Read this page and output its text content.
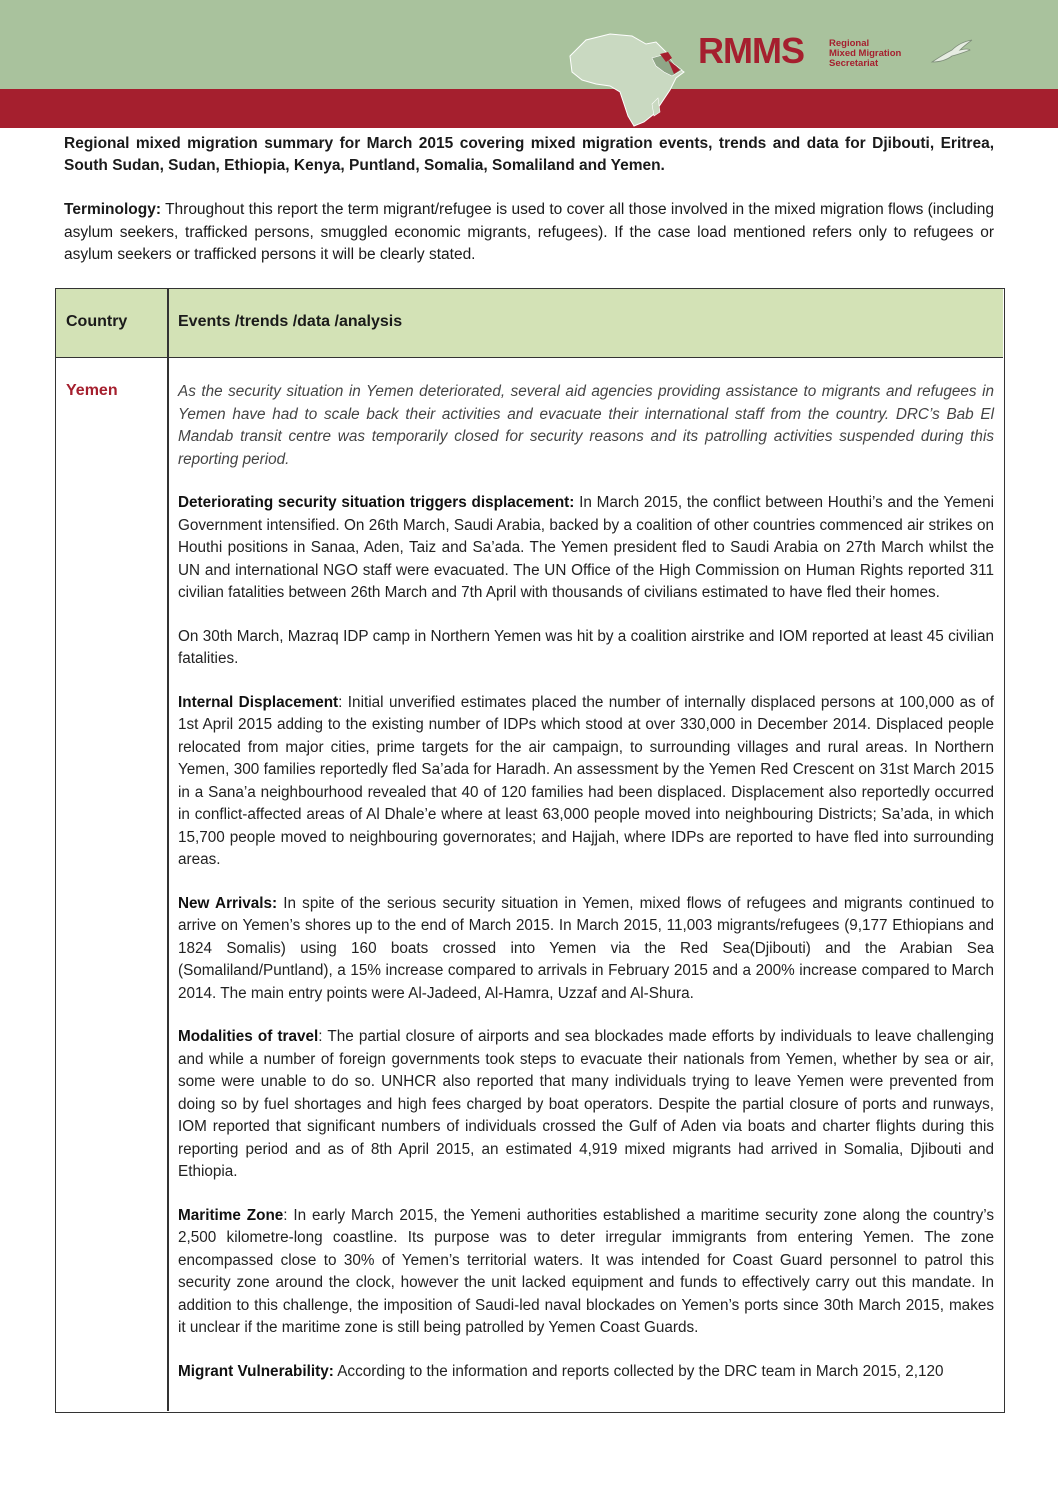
RMMS	Regional
Mixed Migration
Secretariat
Regional mixed migration summary for March 2015 covering mixed migration events, trends and data for Djibouti, Eritrea, South Sudan, Sudan, Ethiopia, Kenya, Puntland, Somalia, Somaliland and Yemen.
Terminology: Throughout this report the term migrant/refugee is used to cover all those involved in the mixed migration flows (including asylum seekers, trafficked persons, smuggled economic migrants, refugees). If the case load mentioned refers only to refugees or asylum seekers or trafficked persons it will be clearly stated.
Country	Events /trends /data /analysis
Yemen	As the security situation in Yemen deteriorated, several aid agencies providing assistance to migrants and refugees in Yemen have had to scale back their activities and evacuate their international staff from the country. DRC’s Bab El Mandab transit centre was temporarily closed for security reasons and its patrolling activities suspended during this reporting period.

Deteriorating security situation triggers displacement: In March 2015, the conflict between Houthi’s and the Yemeni Government intensified. On 26th March, Saudi Arabia, backed by a coalition of other countries commenced air strikes on Houthi positions in Sanaa, Aden, Taiz and Sa’ada. The Yemen president fled to Saudi Arabia on 27th March whilst the UN and international NGO staff were evacuated. The UN Office of the High Commission on Human Rights reported 311 civilian fatalities between 26th March and 7th April with thousands of civilians estimated to have fled their homes.

On 30th March, Mazraq IDP camp in Northern Yemen was hit by a coalition airstrike and IOM reported at least 45 civilian fatalities.

Internal Displacement: Initial unverified estimates placed the number of internally displaced persons at 100,000 as of 1st April 2015 adding to the existing number of IDPs which stood at over 330,000 in December 2014. Displaced people relocated from major cities, prime targets for the air campaign, to surrounding villages and rural areas. In Northern Yemen, 300 families reportedly fled Sa’ada for Haradh. An assessment by the Yemen Red Crescent on 31st March 2015 in a Sana’a neighbourhood revealed that 40 of 120 families had been displaced. Displacement also reportedly occurred in conflict-affected areas of Al Dhale’e where at least 63,000 people moved into neighbouring Districts; Sa’ada, in which 15,700 people moved to neighbouring governorates; and Hajjah, where IDPs are reported to have fled into surrounding areas.

New Arrivals: In spite of the serious security situation in Yemen, mixed flows of refugees and migrants continued to arrive on Yemen’s shores up to the end of March 2015. In March 2015, 11,003 migrants/refugees (9,177 Ethiopians and 1824 Somalis) using 160 boats crossed into Yemen via the Red Sea(Djibouti) and the Arabian Sea (Somaliland/Puntland), a 15% increase compared to arrivals in February 2015 and a 200% increase compared to March 2014. The main entry points were Al-Jadeed, Al-Hamra, Uzzaf and Al-Shura.

Modalities of travel: The partial closure of airports and sea blockades made efforts by individuals to leave challenging and while a number of foreign governments took steps to evacuate their nationals from Yemen, whether by sea or air, some were unable to do so. UNHCR also reported that many individuals trying to leave Yemen were prevented from doing so by fuel shortages and high fees charged by boat operators. Despite the partial closure of ports and runways, IOM reported that significant numbers of individuals crossed the Gulf of Aden via boats and charter flights during this reporting period and as of 8th April 2015, an estimated 4,919 mixed migrants had arrived in Somalia, Djibouti and Ethiopia.

Maritime Zone: In early March 2015, the Yemeni authorities established a maritime security zone along the country’s 2,500 kilometre-long coastline. Its purpose was to deter irregular immigrants from entering Yemen. The zone encompassed close to 30% of Yemen’s territorial waters. It was intended for Coast Guard personnel to patrol this security zone around the clock, however the unit lacked equipment and funds to effectively carry out this mandate. In addition to this challenge, the imposition of Saudi-led naval blockades on Yemen’s ports since 30th March 2015, makes it unclear if the maritime zone is still being patrolled by Yemen Coast Guards.

Migrant Vulnerability: According to the information and reports collected by the DRC team in March 2015, 2,120
